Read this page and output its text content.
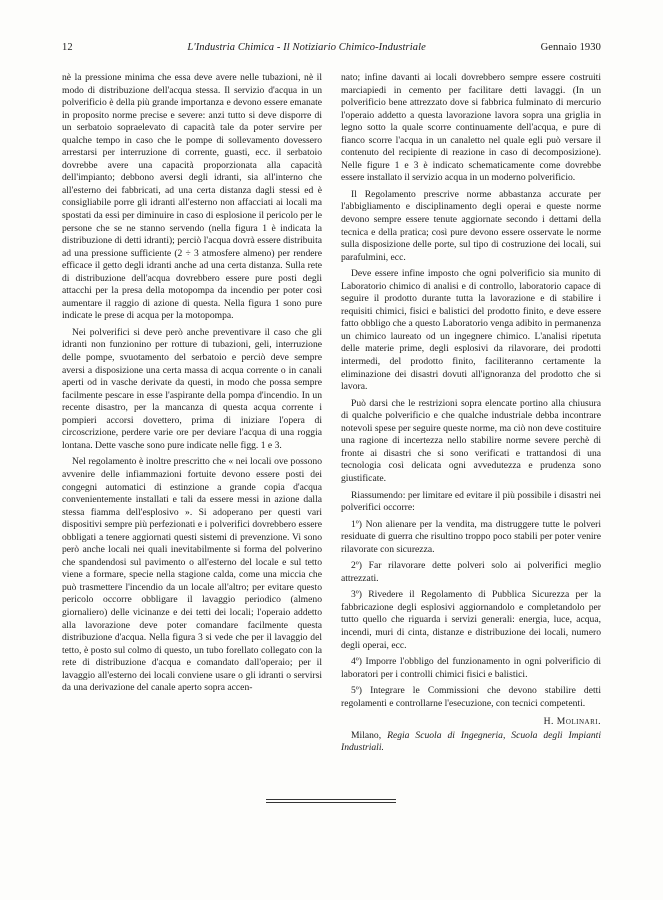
12	L'Industria Chimica - Il Notiziario Chimico-Industriale	Gennaio 1930

nè la pressione minima che essa deve avere nelle tubazioni, nè il modo di distribuzione dell'acqua stessa. Il servizio d'acqua in un polverificio è della più grande importanza e devono essere emanate in proposito norme precise e severe: anzi tutto si deve disporre di un serbatoio sopraelevato di capacità tale da poter servire per qualche tempo in caso che le pompe di sollevamento dovessero arrestarsi per interruzione di corrente, guasti, ecc. il serbatoio dovrebbe avere una capacità proporzionata alla capacità dell'impianto; debbono aversi degli idranti, sia all'interno che all'esterno dei fabbricati, ad una certa distanza dagli stessi ed è consigliabile porre gli idranti all'esterno non affacciati ai locali ma spostati da essi per diminuire in caso di esplosione il pericolo per le persone che se ne stanno servendo (nella figura 1 è indicata la distribuzione di detti idranti); perciò l'acqua dovrà essere distribuita ad una pressione sufficiente (2 ÷ 3 atmosfere almeno) per rendere efficace il getto degli idranti anche ad una certa distanza. Sulla rete di distribuzione dell'acqua dovrebbero essere pure posti degli attacchi per la presa della motopompa da incendio per poter così aumentare il raggio di azione di questa. Nella figura 1 sono pure indicate le prese di acqua per la motopompa.

Nei polverifici si deve però anche preventivare il caso che gli idranti non funzionino per rotture di tubazioni, geli, interruzione delle pompe, svuotamento del serbatoio e perciò deve sempre aversi a disposizione una certa massa di acqua corrente o in canali aperti od in vasche derivate da questi, in modo che possa sempre facilmente pescare in esse l'aspirante della pompa d'incendio. In un recente disastro, per la mancanza di questa acqua corrente i pompieri accorsi dovettero, prima di iniziare l'opera di circoscrizione, perdere varie ore per deviare l'acqua di una roggia lontana. Dette vasche sono pure indicate nelle figg. 1 e 3.

Nel regolamento è inoltre prescritto che « nei locali ove possono avvenire delle infiammazioni fortuite devono essere posti dei congegni automatici di estinzione a grande copia d'acqua convenientemente installati e tali da essere messi in azione dalla stessa fiamma dell'esplosivo ». Si adoperano per questi vari dispositivi sempre più perfezionati e i polverifici dovrebbero essere obbligati a tenere aggiornati questi sistemi di prevenzione. Vi sono però anche locali nei quali inevitabilmente si forma del polverino che spandendosi sul pavimento o all'esterno del locale e sul tetto viene a formare, specie nella stagione calda, come una miccia che può trasmettere l'incendio da un locale all'altro; per evitare questo pericolo occorre obbligare il lavaggio periodico (almeno giornaliero) delle vicinanze e dei tetti dei locali; l'operaio addetto alla lavorazione deve poter comandare facilmente questa distribuzione d'acqua. Nella figura 3 si vede che per il lavaggio del tetto, è posto sul colmo di questo, un tubo forellato collegato con la rete di distribuzione d'acqua e comandato dall'operaio; per il lavaggio all'esterno dei locali conviene usare o gli idranti o servirsi da una derivazione del canale aperto sopra accen-

nato; infine davanti ai locali dovrebbero sempre essere costruiti marciapiedi in cemento per facilitare detti lavaggi. (In un polverificio bene attrezzato dove si fabbrica fulminato di mercurio l'operaio addetto a questa lavorazione lavora sopra una griglia in legno sotto la quale scorre continuamente dell'acqua, e pure di fianco scorre l'acqua in un canaletto nel quale egli può versare il contenuto del recipiente di reazione in caso di decomposizione). Nelle figure 1 e 3 è indicato schematicamente come dovrebbe essere installato il servizio acqua in un moderno polverificio.

Il Regolamento prescrive norme abbastanza accurate per l'abbigliamento e disciplinamento degli operai e queste norme devono sempre essere tenute aggiornate secondo i dettami della tecnica e della pratica; così pure devono essere osservate le norme sulla disposizione delle porte, sul tipo di costruzione dei locali, sui parafulmini, ecc.

Deve essere infine imposto che ogni polverificio sia munito di Laboratorio chimico di analisi e di controllo, laboratorio capace di seguire il prodotto durante tutta la lavorazione e di stabilire i requisiti chimici, fisici e balistici del prodotto finito, e deve essere fatto obbligo che a questo Laboratorio venga adibito in permanenza un chimico laureato od un ingegnere chimico. L'analisi ripetuta delle materie prime, degli esplosivi da rilavorare, dei prodotti intermedi, del prodotto finito, faciliteranno certamente la eliminazione dei disastri dovuti all'ignoranza del prodotto che si lavora.

Può darsi che le restrizioni sopra elencate portino alla chiusura di qualche polverificio e che qualche industriale debba incontrare notevoli spese per seguire queste norme, ma ciò non deve costituire una ragione di incertezza nello stabilire norme severe perchè di fronte ai disastri che si sono verificati e trattandosi di una tecnologia così delicata ogni avvedutezza e prudenza sono giustificate.

Riassumendo: per limitare ed evitare il più possibile i disastri nei polverifici occorre:

1º) Non alienare per la vendita, ma distruggere tutte le polveri residuate di guerra che risultino troppo poco stabili per poter venire rilavorate con sicurezza.

2º) Far rilavorare dette polveri solo ai polverifici meglio attrezzati.

3º) Rivedere il Regolamento di Pubblica Sicurezza per la fabbricazione degli esplosivi aggiornandolo e completandolo per tutto quello che riguarda i servizi generali: energia, luce, acqua, incendi, muri di cinta, distanze e distribuzione dei locali, numero degli operai, ecc.

4º) Imporre l'obbligo del funzionamento in ogni polverificio di laboratori per i controlli chimici fisici e balistici.

5º) Integrare le Commissioni che devono stabilire detti regolamenti e controllarne l'esecuzione, con tecnici competenti.

H. Molinari.

Milano, Regia Scuola di Ingegneria, Scuola degli Impianti Industriali.
